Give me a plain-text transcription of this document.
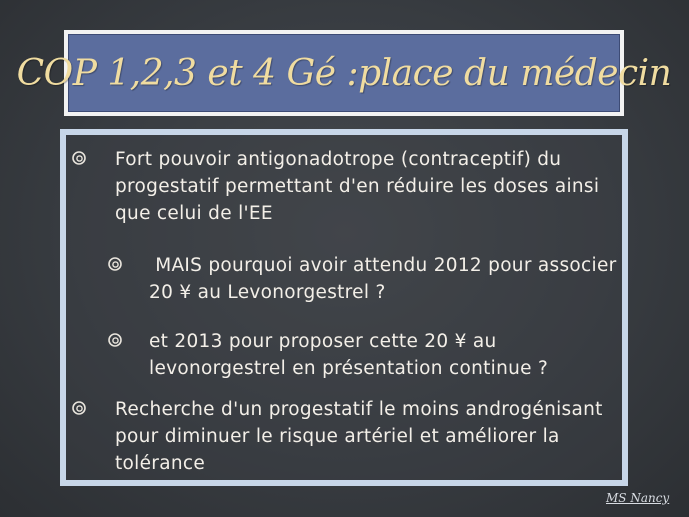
COP 1,2,3 et 4 Gé :place du médecin
Fort pouvoir antigonadotrope (contraceptif) du progestatif permettant d'en réduire les doses ainsi que celui de l'EE
MAIS pourquoi avoir attendu 2012 pour associer 20 ¥ au Levonorgestrel ?
et 2013 pour proposer cette 20 ¥ au levonorgestrel en présentation continue ?
Recherche d'un progestatif le moins androgénisant pour diminuer le risque artériel et améliorer la tolérance
MS Nancy
